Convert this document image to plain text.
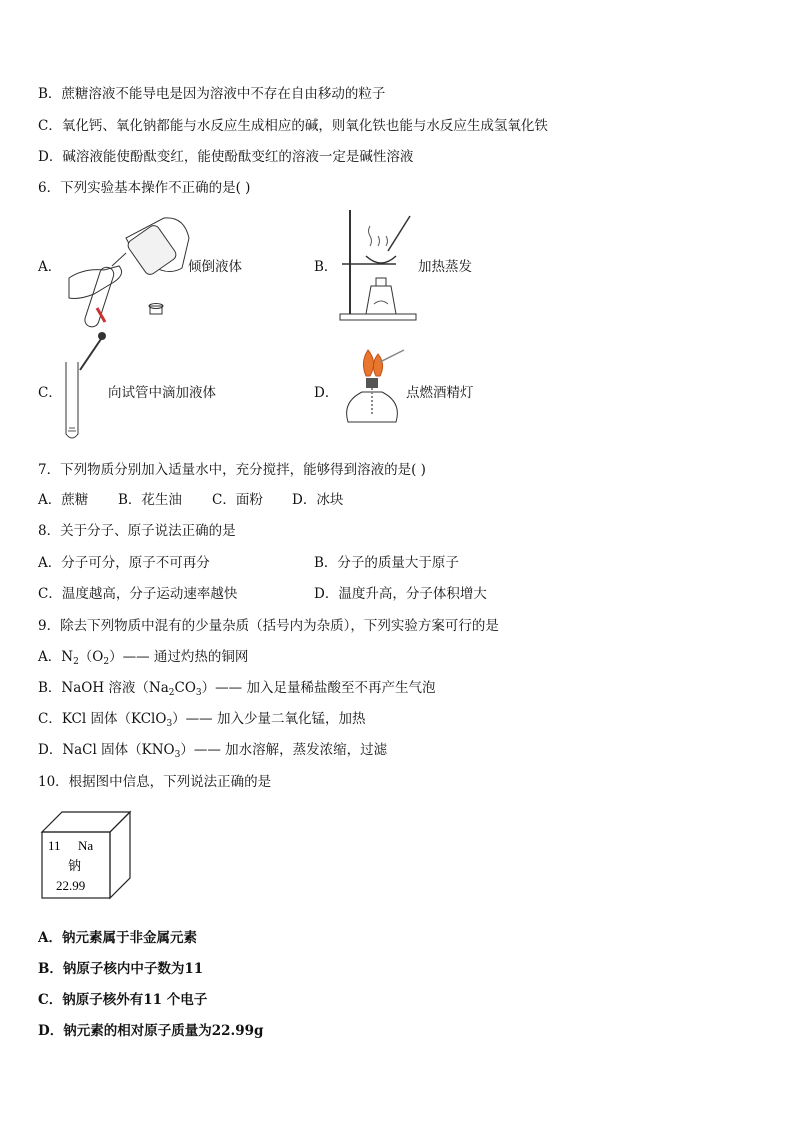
B．蔗糖溶液不能导电是因为溶液中不存在自由移动的粒子
C．氧化钙、氧化钠都能与水反应生成相应的碱，则氧化铁也能与水反应生成氢氧化铁
D．碱溶液能使酚酞变红，能使酚酞变红的溶液一定是碱性溶液
6．下列实验基本操作不正确的是( )
A．	倾倒液体	B．	加热蒸发
C．	向试管中滴加液体	D．	点燃酒精灯
7．下列物质分别加入适量水中，充分搅拌，能够得到溶液的是( )
A．蔗糖 B．花生油 C．面粉 D．冰块
8．关于分子、原子说法正确的是
A．分子可分，原子不可再分	B．分子的质量大于原子
C．温度越高，分子运动速率越快	D．温度升高，分子体积增大
9．除去下列物质中混有的少量杂质（括号内为杂质），下列实验方案可行的是
A．$N_2(O_2)——$ 通过灼热的铜网
B．NaOH 溶液$(Na_2CO_3)——$ 加入足量稀盐酸至不再产生气泡
C．KCl 固体（KClO$_3$）—— 加入少量二氧化锰，加热
D．NaCl 固体$(KNO_3)——$ 加水溶解，蒸发浓缩，过滤
10．根据图中信息，下列说法正确的是
11 Na
钠
22.99
A．钠元素属于非金属元素
B．钠原子核内中子数为11
C．钠原子核外有11 个电子
D．钠元素的相对原子质量为22.99g
